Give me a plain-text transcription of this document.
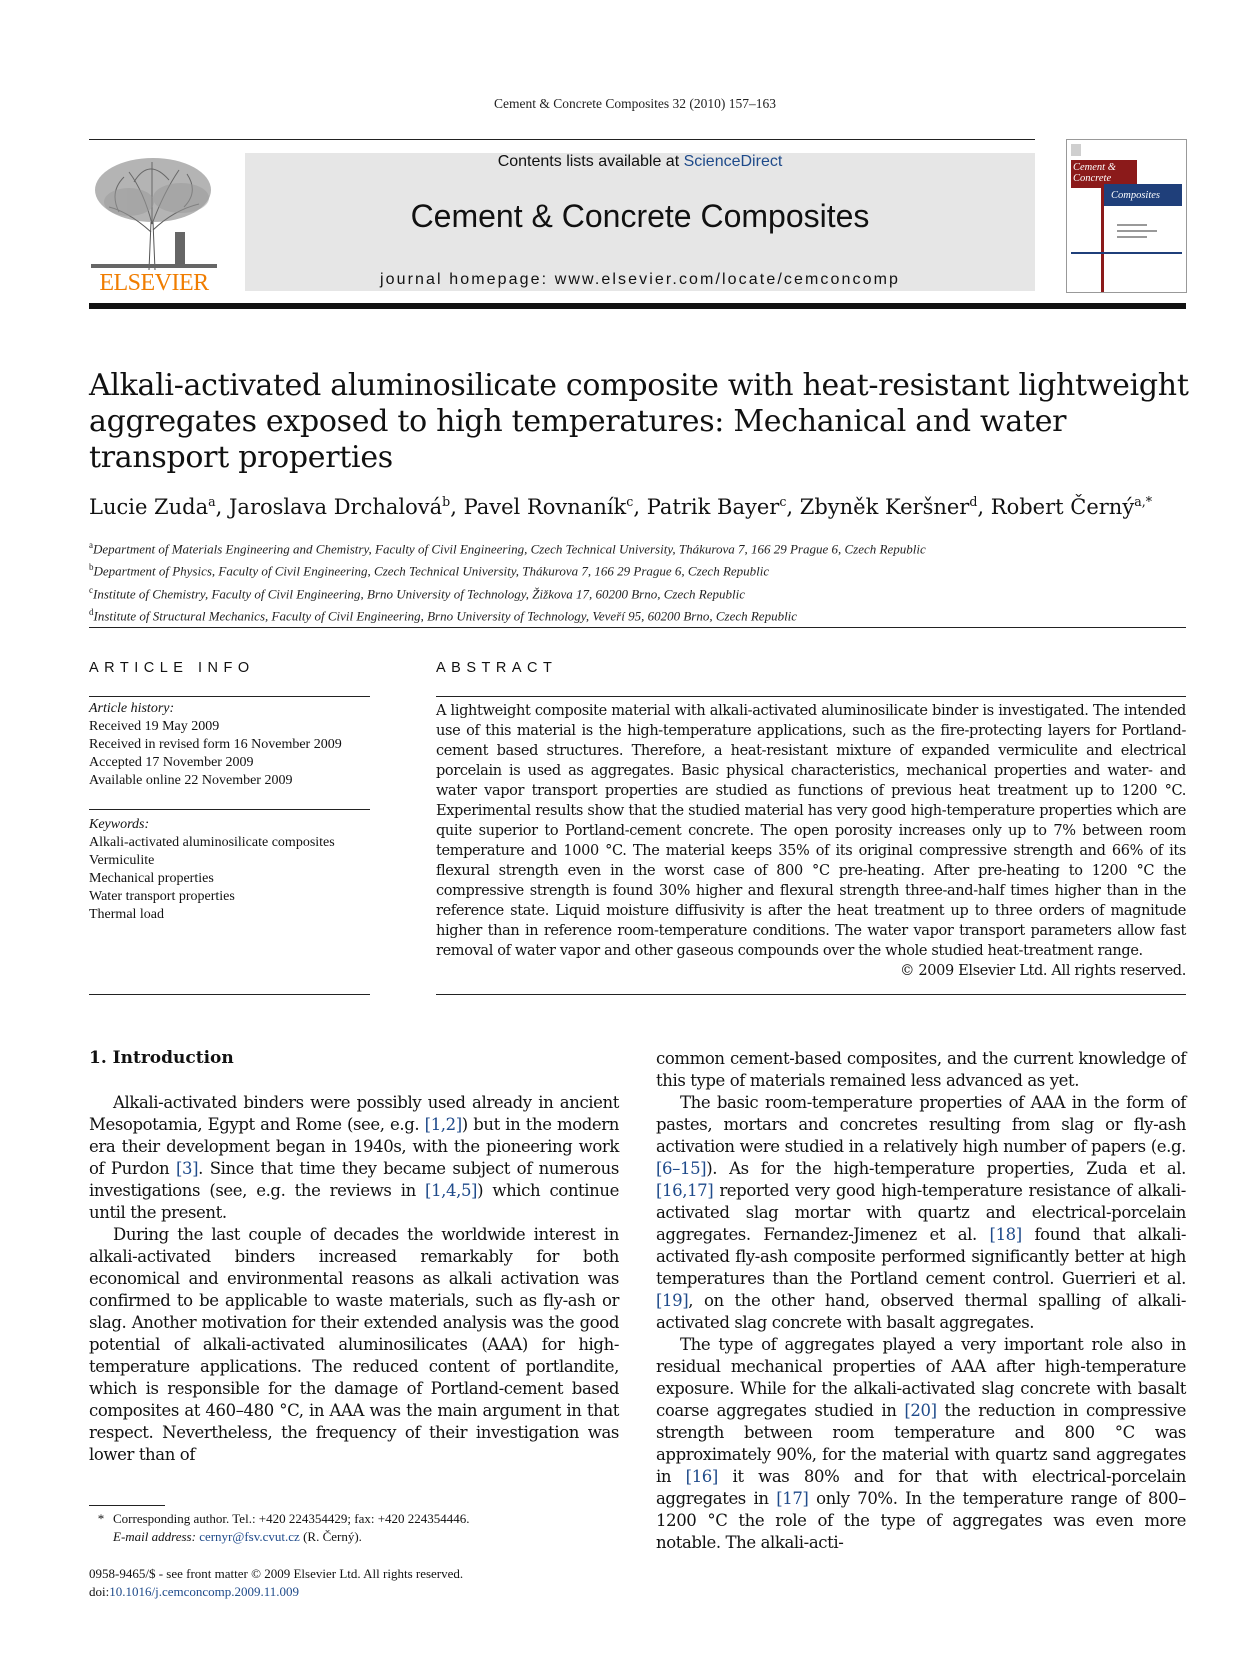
Cement & Concrete Composites 32 (2010) 157–163
ELSEVIER
Contents lists available at ScienceDirect
Cement & Concrete Composites
journal homepage: www.elsevier.com/locate/cemconcomp
Cement &
Concrete
Composites
Alkali-activated aluminosilicate composite with heat-resistant lightweight aggregates exposed to high temperatures: Mechanical and water transport properties
Lucie Zuda$^a$, Jaroslava Drchalová$^b$, Pavel Rovnaník$^c$, Patrik Bayer$^c$, Zbyněk Keršner$^d$, Robert Černý$^{a,*}$
$^a$Department of Materials Engineering and Chemistry, Faculty of Civil Engineering, Czech Technical University, Thákurova 7, 166 29 Prague 6, Czech Republic
$^b$Department of Physics, Faculty of Civil Engineering, Czech Technical University, Thákurova 7, 166 29 Prague 6, Czech Republic
$^c$Institute of Chemistry, Faculty of Civil Engineering, Brno University of Technology, Žižkova 17, 60200 Brno, Czech Republic
$^d$Institute of Structural Mechanics, Faculty of Civil Engineering, Brno University of Technology, Veveří 95, 60200 Brno, Czech Republic
ARTICLE INFO	ABSTRACT
Article history:
Received 19 May 2009
Received in revised form 16 November 2009
Accepted 17 November 2009
Available online 22 November 2009
Keywords:
Alkali-activated aluminosilicate composites
Vermiculite
Mechanical properties
Water transport properties
Thermal load
A lightweight composite material with alkali-activated aluminosilicate binder is investigated. The intended use of this material is the high-temperature applications, such as the fire-protecting layers for Portland-cement based structures. Therefore, a heat-resistant mixture of expanded vermiculite and electrical porcelain is used as aggregates. Basic physical characteristics, mechanical properties and water- and water vapor transport properties are studied as functions of previous heat treatment up to 1200 °C. Experimental results show that the studied material has very good high-temperature properties which are quite superior to Portland-cement concrete. The open porosity increases only up to 7% between room temperature and 1000 °C. The material keeps 35% of its original compressive strength and 66% of its flexural strength even in the worst case of 800 °C pre-heating. After pre-heating to 1200 °C the compressive strength is found 30% higher and flexural strength three-and-half times higher than in the reference state. Liquid moisture diffusivity is after the heat treatment up to three orders of magnitude higher than in reference room-temperature conditions. The water vapor transport parameters allow fast removal of water vapor and other gaseous compounds over the whole studied heat-treatment range.
© 2009 Elsevier Ltd. All rights reserved.
1. Introduction

Alkali-activated binders were possibly used already in ancient Mesopotamia, Egypt and Rome (see, e.g. [1,2]) but in the modern era their development began in 1940s, with the pioneering work of Purdon [3]. Since that time they became subject of numerous investigations (see, e.g. the reviews in [1,4,5]) which continue until the present.

During the last couple of decades the worldwide interest in alkali-activated binders increased remarkably for both economical and environmental reasons as alkali activation was confirmed to be applicable to waste materials, such as fly-ash or slag. Another motivation for their extended analysis was the good potential of alkali-activated aluminosilicates (AAA) for high-temperature applications. The reduced content of portlandite, which is responsible for the damage of Portland-cement based composites at 460–480 °C, in AAA was the main argument in that respect. Nevertheless, the frequency of their investigation was lower than of

common cement-based composites, and the current knowledge of this type of materials remained less advanced as yet.

The basic room-temperature properties of AAA in the form of pastes, mortars and concretes resulting from slag or fly-ash activation were studied in a relatively high number of papers (e.g. [6–15]). As for the high-temperature properties, Zuda et al. [16,17] reported very good high-temperature resistance of alkali-activated slag mortar with quartz and electrical-porcelain aggregates. Fernandez-Jimenez et al. [18] found that alkali-activated fly-ash composite performed significantly better at high temperatures than the Portland cement control. Guerrieri et al. [19], on the other hand, observed thermal spalling of alkali-activated slag concrete with basalt aggregates.

The type of aggregates played a very important role also in residual mechanical properties of AAA after high-temperature exposure. While for the alkali-activated slag concrete with basalt coarse aggregates studied in [20] the reduction in compressive strength between room temperature and 800 °C was approximately 90%, for the material with quartz sand aggregates in [16] it was 80% and for that with electrical-porcelain aggregates in [17] only 70%. In the temperature range of 800–1200 °C the role of the type of aggregates was even more notable. The alkali-acti-

* Corresponding author. Tel.: +420 224354429; fax: +420 224354446.
E-mail address: cernyr@fsv.cvut.cz (R. Černý).
0958-9465/$ - see front matter © 2009 Elsevier Ltd. All rights reserved.
doi:10.1016/j.cemconcomp.2009.11.009
